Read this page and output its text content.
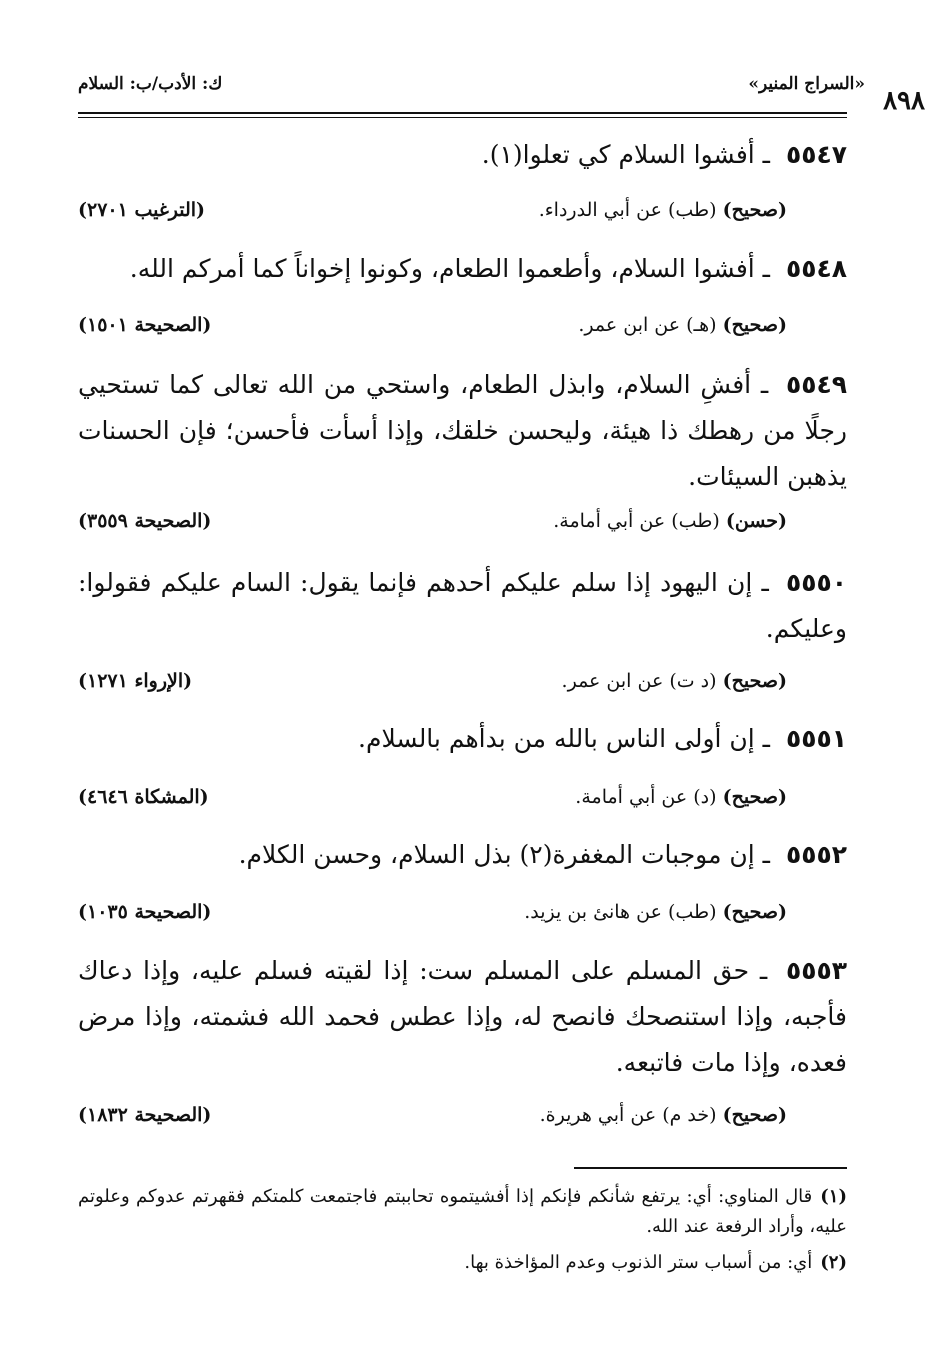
«السراج المنير»
ك: الأدب/ب: السلام
٨٩٨
٥٥٤٧ ـ أفشوا السلام كي تعلوا(١).
(صحيح) (طب) عن أبي الدرداء.
(الترغيب ٢٧٠١)
٥٥٤٨ ـ أفشوا السلام، وأطعموا الطعام، وكونوا إخواناً كما أمركم الله.
(صحيح) (هـ) عن ابن عمر.
(الصحيحة ١٥٠١)
٥٥٤٩ ـ أفشِ السلام، وابذل الطعام، واستحي من الله تعالى كما تستحيي رجلًا من رهطك ذا هيئة، وليحسن خلقك، وإذا أسأت فأحسن؛ فإن الحسنات يذهبن السيئات.
(حسن) (طب) عن أبي أمامة.
(الصحيحة ٣٥٥٩)
٥٥٥٠ ـ إن اليهود إذا سلم عليكم أحدهم فإنما يقول: السام عليكم فقولوا: وعليكم.
(صحيح) (د ت) عن ابن عمر.
(الإرواء ١٢٧١)
٥٥٥١ ـ إن أولى الناس بالله من بدأهم بالسلام.
(صحيح) (د) عن أبي أمامة.
(المشكاة ٤٦٤٦)
٥٥٥٢ ـ إن موجبات المغفرة(٢) بذل السلام، وحسن الكلام.
(صحيح) (طب) عن هانئ بن يزيد.
(الصحيحة ١٠٣٥)
٥٥٥٣ ـ حق المسلم على المسلم ست: إذا لقيته فسلم عليه، وإذا دعاك فأجبه، وإذا استنصحك فانصح له، وإذا عطس فحمد الله فشمته، وإذا مرض فعده، وإذا مات فاتبعه.
(صحيح) (خد م) عن أبي هريرة.
(الصحيحة ١٨٣٢)
(١)قال المناوي: أي: يرتفع شأنكم فإنكم إذا أفشيتموه تحاببتم فاجتمعت كلمتكم فقهرتم عدوكم وعلوتم عليه، وأراد الرفعة عند الله.
(٢)أي: من أسباب ستر الذنوب وعدم المؤاخذة بها.
